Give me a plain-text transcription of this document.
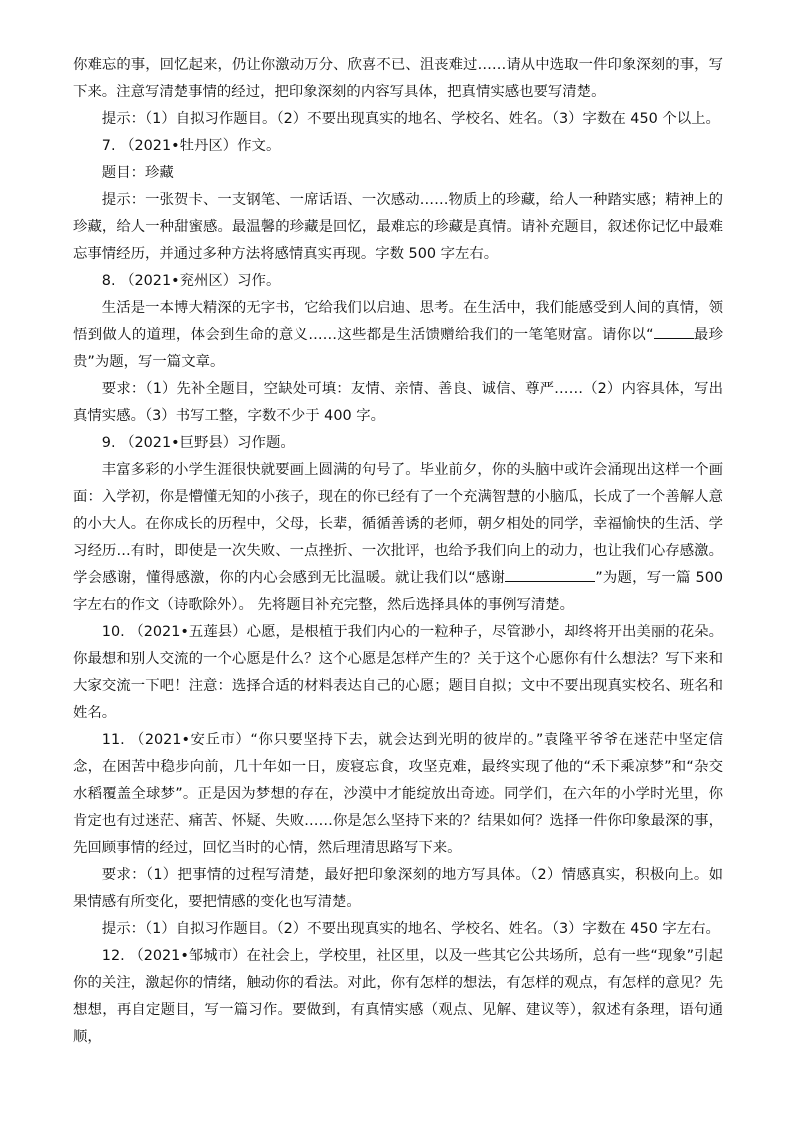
你难忘的事，回忆起来，仍让你激动万分、欣喜不已、沮丧难过……请从中选取一件印象深刻的事，写下来。注意写清楚事情的经过，把印象深刻的内容写具体，把真情实感也要写清楚。

提示：（1）自拟习作题目。（2）不要出现真实的地名、学校名、姓名。（3）字数在 450 个以上。

7. （2021•牡丹区）作文。

题目：珍藏

提示：一张贺卡、一支钢笔、一席话语、一次感动……物质上的珍藏，给人一种踏实感；精神上的珍藏，给人一种甜蜜感。最温馨的珍藏是回忆，最难忘的珍藏是真情。请补充题目，叙述你记忆中最难忘事情经历，并通过多种方法将感情真实再现。字数 500 字左右。

8. （2021•兖州区）习作。

生活是一本博大精深的无字书，它给我们以启迪、思考。在生活中，我们能感受到人间的真情，领悟到做人的道理，体会到生命的意义……这些都是生活馈赠给我们的一笔笔财富。请你以“	最珍贵”为题，写一篇文章。

要求：（1）先补全题目，空缺处可填：友情、亲情、善良、诚信、尊严……（2）内容具体，写出真情实感。（3）书写工整，字数不少于 400 字。

9. （2021•巨野县）习作题。

丰富多彩的小学生涯很快就要画上圆满的句号了。毕业前夕，你的头脑中或许会涌现出这样一个画面：入学初，你是懵懂无知的小孩子，现在的你已经有了一个充满智慧的小脑瓜，长成了一个善解人意的小大人。在你成长的历程中，父母，长辈，循循善诱的老师，朝夕相处的同学，幸福愉快的生活、学习经历…有时，即使是一次失败、一点挫折、一次批评，也给予我们向上的动力，也让我们心存感激。学会感谢，懂得感激，你的内心会感到无比温暖。就让我们以“感谢	”为题，写一篇 500 字左右的作文（诗歌除外）。 先将题目补充完整，然后选择具体的事例写清楚。

10. （2021•五莲县）心愿，是根植于我们内心的一粒种子，尽管渺小，却终将开出美丽的花朵。你最想和别人交流的一个心愿是什么？这个心愿是怎样产生的？关于这个心愿你有什么想法？写下来和大家交流一下吧！注意：选择合适的材料表达自己的心愿；题目自拟；文中不要出现真实校名、班名和姓名。

11. （2021•安丘市）“你只要坚持下去，就会达到光明的彼岸的。”袁隆平爷爷在迷茫中坚定信念，在困苦中稳步向前，几十年如一日，废寝忘食，攻坚克难，最终实现了他的“禾下乘凉梦”和“杂交水稻覆盖全球梦”。正是因为梦想的存在，沙漠中才能绽放出奇迹。同学们，在六年的小学时光里，你肯定也有过迷茫、痛苦、怀疑、失败……你是怎么坚持下来的？结果如何？选择一件你印象最深的事，先回顾事情的经过，回忆当时的心情，然后理清思路写下来。

要求：（1）把事情的过程写清楚，最好把印象深刻的地方写具体。（2）情感真实，积极向上。如果情感有所变化，要把情感的变化也写清楚。

提示：（1）自拟习作题目。（2）不要出现真实的地名、学校名、姓名。（3）字数在 450 字左右。

12. （2021•邹城市）在社会上，学校里，社区里，以及一些其它公共场所，总有一些“现象”引起你的关注，激起你的情绪，触动你的看法。对此，你有怎样的想法，有怎样的观点，有怎样的意见？先想想，再自定题目，写一篇习作。要做到，有真情实感（观点、见解、建议等），叙述有条理，语句通顺，
